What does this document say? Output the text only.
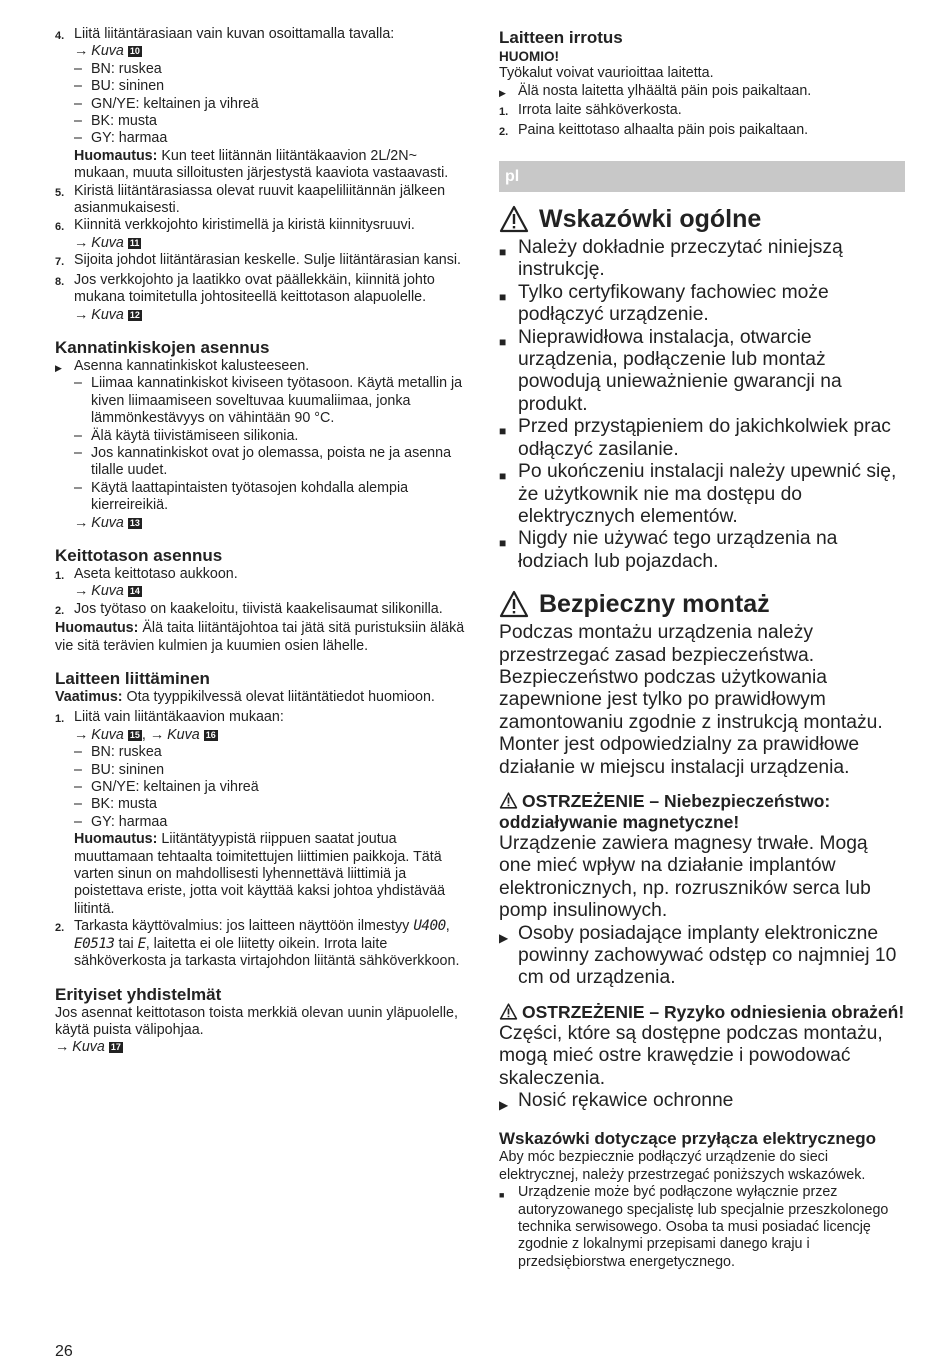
4. Liitä liitäntärasiaan vain kuvan osoittamalla tavalla:
→ Kuva 10
– BN: ruskea
– BU: sininen
– GN/YE: keltainen ja vihreä
– BK: musta
– GY: harmaa
Huomautus: Kun teet liitännän liitäntäkaavion 2L/2N~ mukaan, muuta silloitusten järjestystä kaaviota vastaavasti.
5. Kiristä liitäntärasiassa olevat ruuvit kaapeliliitännän jälkeen asianmukaisesti.
6. Kiinnitä verkkojohto kiristimellä ja kiristä kiinnitysruuvi.
→ Kuva 11
7. Sijoita johdot liitäntärasian keskelle. Sulje liitäntärasian kansi.
8. Jos verkkojohto ja laatikko ovat päällekkäin, kiinnitä johto mukana toimitetulla johtositeellä keittotason alapuolelle.
→ Kuva 12
Kannatinkiskojen asennus
▶ Asenna kannatinkiskot kalusteeseen.
– Liimaa kannatinkiskot kiviseen työtasoon. Käytä metallin ja kiven liimaamiseen soveltuvaa kuumaliimaa, jonka lämmönkestävyys on vähintään 90 °C.
– Älä käytä tiivistämiseen silikonia.
– Jos kannatinkiskot ovat jo olemassa, poista ne ja asenna tilalle uudet.
– Käytä laattapintaisten työtasojen kohdalla alempia kierreireikiä.
→ Kuva 13
Keittotason asennus
1. Aseta keittotaso aukkoon.
→ Kuva 14
2. Jos työtaso on kaakeloitu, tiivistä kaakelisaumat silikonilla.
Huomautus: Älä taita liitäntäjohtoa tai jätä sitä puristuksiin äläkä vie sitä terävien kulmien ja kuumien osien lähelle.
Laitteen liittäminen
Vaatimus: Ota tyyppikilvessä olevat liitäntätiedot huomioon.
1. Liitä vain liitäntäkaavion mukaan:
→ Kuva 15 , → Kuva 16
– BN: ruskea
– BU: sininen
– GN/YE: keltainen ja vihreä
– BK: musta
– GY: harmaa
Huomautus: Liitäntätyypistä riippuen saatat joutua muuttamaan tehtaalta toimitettujen liittimien paikkoja. Tätä varten sinun on mahdollisesti lyhennettävä liittimiä ja poistettava eriste, jotta voit käyttää kaksi johtoa yhdistävää liitintä.
2. Tarkasta käyttövalmius: jos laitteen näyttöön ilmestyy U400, E0513 tai E, laitetta ei ole liitetty oikein. Irrota laite sähköverkosta ja tarkasta virtajohdon liitäntä sähköverkkoon.
Erityiset yhdistelmät
Jos asennat keittotason toista merkkiä olevan uunin yläpuolelle, käytä puista välipohjaa.
→ Kuva 17
Laitteen irrotus
HUOMIO!
Työkalut voivat vaurioittaa laitetta.
▶ Älä nosta laitetta ylhäältä päin pois paikaltaan.
1. Irrota laite sähköverkosta.
2. Paina keittotaso alhaalta päin pois paikaltaan.
pl
Wskazówki ogólne
■ Należy dokładnie przeczytać niniejszą instrukcję.
■ Tylko certyfikowany fachowiec może podłączyć urządzenie.
■ Nieprawidłowa instalacja, otwarcie urządzenia, podłączenie lub montaż powodują unieważnienie gwarancji na produkt.
■ Przed przystąpieniem do jakichkolwiek prac odłączyć zasilanie.
■ Po ukończeniu instalacji należy upewnić się, że użytkownik nie ma dostępu do elektrycznych elementów.
■ Nigdy nie używać tego urządzenia na łodziach lub pojazdach.
Bezpieczny montaż
Podczas montażu urządzenia należy przestrzegać zasad bezpieczeństwa. Bezpieczeństwo podczas użytkowania zapewnione jest tylko po prawidłowym zamontowaniu zgodnie z instrukcją montażu. Monter jest odpowiedzialny za prawidłowe działanie w miejscu instalacji urządzenia.
OSTRZEŻENIE – Niebezpieczeństwo: oddziaływanie magnetyczne!
Urządzenie zawiera magnesy trwałe. Mogą one mieć wpływ na działanie implantów elektronicznych, np. rozruszników serca lub pomp insulinowych.
▶ Osoby posiadające implanty elektroniczne powinny zachowywać odstęp co najmniej 10 cm od urządzenia.
OSTRZEŻENIE – Ryzyko odniesienia obrażeń!
Części, które są dostępne podczas montażu, mogą mieć ostre krawędzie i powodować skaleczenia.
▶ Nosić rękawice ochronne
Wskazówki dotyczące przyłącza elektrycznego
Aby móc bezpiecznie podłączyć urządzenie do sieci elektrycznej, należy przestrzegać poniższych wskazówek.
■ Urządzenie może być podłączone wyłącznie przez autoryzowanego specjalistę lub specjalnie przeszkolonego technika serwisowego. Osoba ta musi posiadać licencję zgodnie z lokalnymi przepisami danego kraju i przedsiębiorstwa energetycznego.
26
